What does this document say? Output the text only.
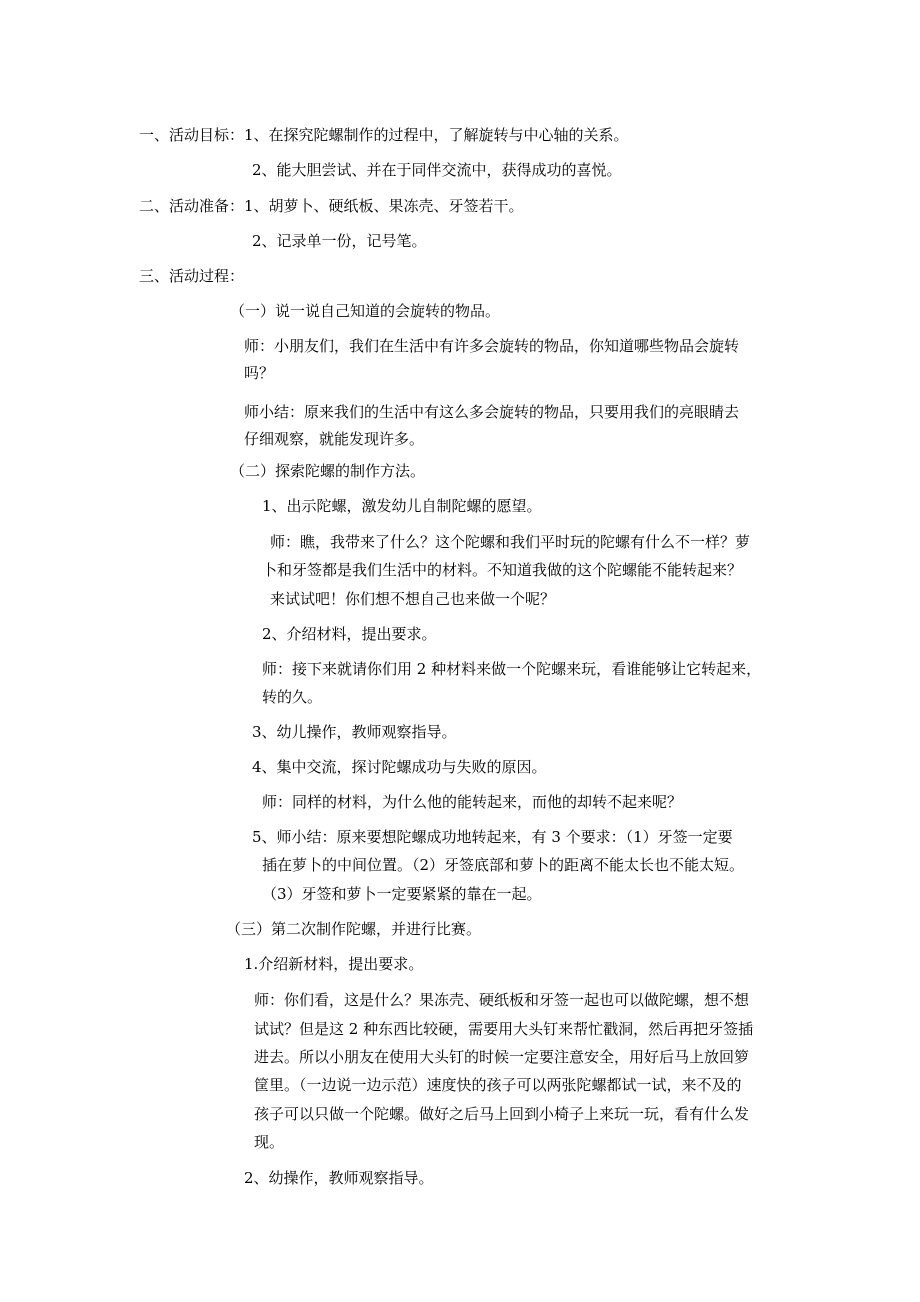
一、活动目标：1、在探究陀螺制作的过程中，了解旋转与中心轴的关系。

2、能大胆尝试、并在于同伴交流中，获得成功的喜悦。

二、活动准备：1、胡萝卜、硬纸板、果冻壳、牙签若干。

2、记录单一份，记号笔。

三、活动过程：

（一）说一说自己知道的会旋转的物品。

师：小朋友们，我们在生活中有许多会旋转的物品，你知道哪些物品会旋转

吗？

师小结：原来我们的生活中有这么多会旋转的物品，只要用我们的亮眼睛去

仔细观察，就能发现许多。

（二）探索陀螺的制作方法。

1、出示陀螺，激发幼儿自制陀螺的愿望。

师：瞧，我带来了什么？这个陀螺和我们平时玩的陀螺有什么不一样？萝

卜和牙签都是我们生活中的材料。不知道我做的这个陀螺能不能转起来？

来试试吧！你们想不想自己也来做一个呢？

2、介绍材料，提出要求。

师：接下来就请你们用 2 种材料来做一个陀螺来玩，看谁能够让它转起来，

转的久。

3、幼儿操作，教师观察指导。

4、集中交流，探讨陀螺成功与失败的原因。

师：同样的材料，为什么他的能转起来，而他的却转不起来呢？

5、师小结：原来要想陀螺成功地转起来，有 3 个要求：（1）牙签一定要

插在萝卜的中间位置。（2）牙签底部和萝卜的距离不能太长也不能太短。

（3）牙签和萝卜一定要紧紧的靠在一起。

（三）第二次制作陀螺，并进行比赛。

1.介绍新材料，提出要求。

师：你们看，这是什么？果冻壳、硬纸板和牙签一起也可以做陀螺，想不想

试试？但是这 2 种东西比较硬，需要用大头钉来帮忙戳洞，然后再把牙签插

进去。所以小朋友在使用大头钉的时候一定要注意安全，用好后马上放回箩

筐里。（一边说一边示范）速度快的孩子可以两张陀螺都试一试，来不及的

孩子可以只做一个陀螺。做好之后马上回到小椅子上来玩一玩，看有什么发

现。

2、幼操作，教师观察指导。
